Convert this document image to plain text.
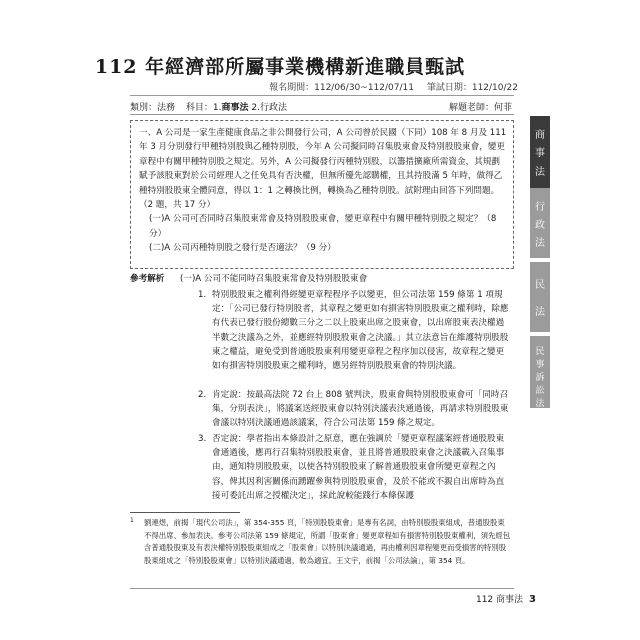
112 年經濟部所屬事業機構新進職員甄試
報名期間：112/06/30~112/07/11 筆試日期：112/10/22
類別：法務 科目：1.商事法 2.行政法	解題老師：何菲

一、A 公司是一家生產健康食品之非公開發行公司，A 公司曾於民國（下同）108 年 8 月及 111 年 3 月分別發行甲種特別股與乙種特別股，今年 A 公司擬同時召集股東會及特別股股東會，變更章程中有關甲種特別股之規定。另外，A 公司擬發行丙種特別股，以籌措擴廠所需資金，其規劃賦予該股東對於公司經理人之任免具有否決權，但無所優先認購權，且其持股滿 5 年時，做得乙種特別股股東全體同意，得以 1：1 之轉換比例，轉換為乙種特別股。試附理由回答下列問題。（2 題，共 17 分）

(一)A 公司可否同時召集股東常會及特別股股東會，變更章程中有關甲種特別股之規定？（8 分）

(二)A 公司丙種特別股之發行是否適法？（9 分）

參考解析 (一)A 公司不能同時召集股東常會及特別股股東會
1. 特別股股東之權利得經變更章程程序予以變更，但公司法第 159 條第 1 項規定：「公司已發行特別股者，其章程之變更如有損害特別股股東之權利時，除應有代表已發行股份總數三分之二以上股東出席之股東會，以出席股東表決權過半數之決議為之外，並應經特別股股東會之決議。」其立法意旨在維護特別股股東之權益，避免受到普通股股東利用變更章程之程序加以侵害，故章程之變更如有損害特別股股東之權利時，應另經特別股股東會的特別決議。
2. 肯定說：按最高法院 72 台上 808 號判決，股東會與特別股股東會可「同時召集，分別表決」，將議案送經股東會以特別決議表決通過後，再請求特別股股東會議以特別決議通過該議案，符合公司法第 159 條之規定。
3. 否定說：學者指出本條設計之原意，應在強調於「變更章程議案經普通股股東會通過後，應再行召集特別股股東會，並且將普通股股東會之決議載入召集事由，通知特別股股東，以使各特別股股東了解普通股股東會所變更章程之內容，俾其因利害關係而踴躍參與特別股股東會，及於不能或不親自出席時為直接可委託出席之授權決定」，採此說較能踐行本條保護
1 劉連煜，前揭「現代公司法」，第 354-355 頁，「特別股股東會」是專有名詞，由特別股股東組成，普通股股東不得出席、參加表決。參考公司法第 159 條規定，所謂「股東會」變更章程如有損害特別股股東權利，須先經包含普通股股東及有表決權特別股股東組成之「股東會」以特別決議通過，再由權利因章程變更而受損害的特別股股東組成之「特別股股東會」以特別決議通過，較為適宜。王文宇，前揭「公司法論」，第 354 頁。
112 商事法 3
商
事
法
行
政
法
民
法
民
事
訴
訟
法
